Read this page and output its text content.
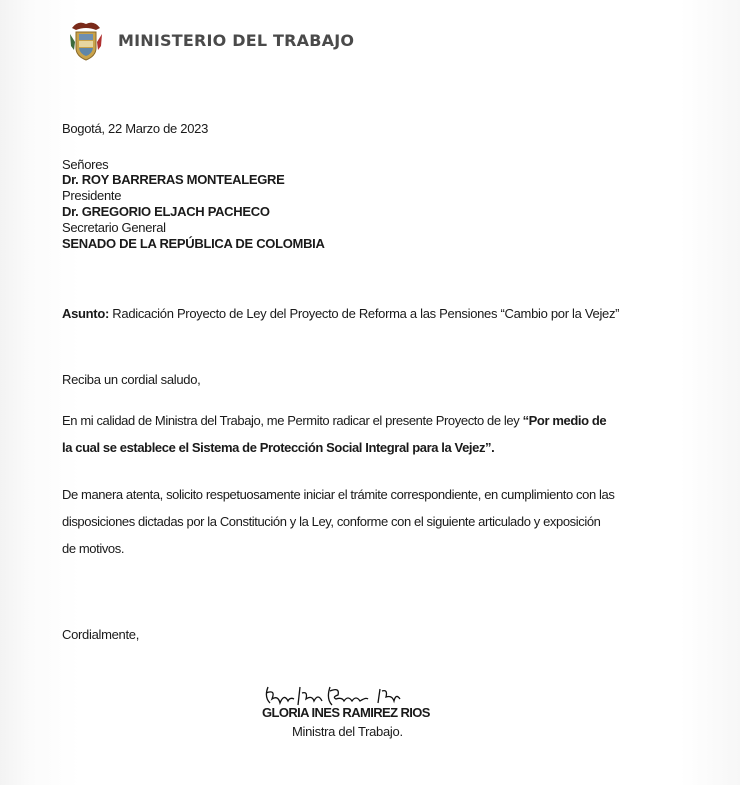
MINISTERIO DEL TRABAJO
Bogotá, 22 Marzo de 2023
Señores
Dr. ROY BARRERAS MONTEALEGRE
Presidente
Dr. GREGORIO ELJACH PACHECO
Secretario General
SENADO DE LA REPÚBLICA DE COLOMBIA
Asunto: Radicación Proyecto de Ley del Proyecto de Reforma a las Pensiones “Cambio por la Vejez”
Reciba un cordial saludo,
En mi calidad de Ministra del Trabajo, me Permito radicar el presente Proyecto de ley “Por medio de
la cual se establece el Sistema de Protección Social Integral para la Vejez”.
De manera atenta, solicito respetuosamente iniciar el trámite correspondiente, en cumplimiento con las
disposiciones dictadas por la Constitución y la Ley, conforme con el siguiente articulado y exposición
de motivos.
Cordialmente,
GLORIA INES RAMIREZ RIOS
Ministra del Trabajo.
